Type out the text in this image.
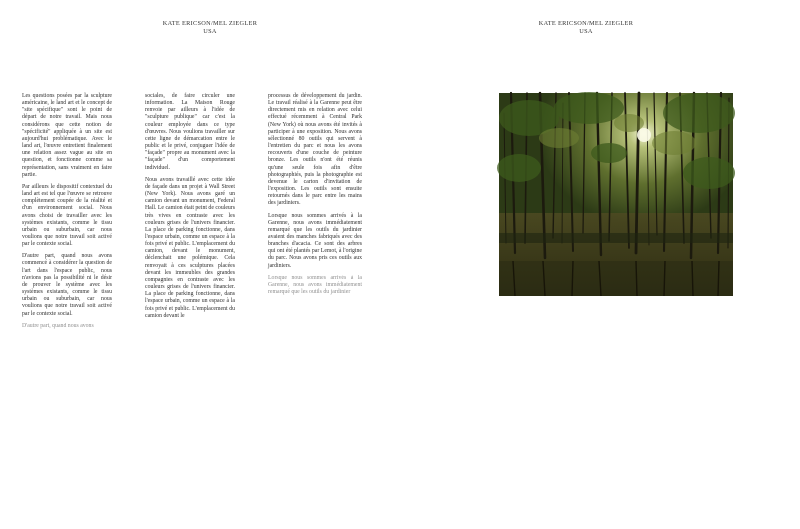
KATE ERICSON/MEL ZIEGLER
USA

Les questions posées par la sculpture américaine, le land art et le concept de "site spécifique" sont le point de départ de notre travail. Mais nous considérons que cette notion de "spécificité" appliquée à un site est aujourd'hui problématique. Avec le land art, l'œuvre entretient finalement une relation assez vague au site en question, et fonctionne comme sa représentation, sans vraiment en faire partie.

Par ailleurs le dispositif contextuel du land art est tel que l'œuvre se retrouve complètement coupée de la réalité et d'un environnement social. Nous avons choisi de travailler avec les systèmes existants, comme le tissu urbain ou suburbain, car nous voulions que notre travail soit activé par le contexte social.

D'autre part, quand nous avons commencé à considérer la question de l'art dans l'espace public, nous n'avions pas la possibilité ni le désir de prouver le système avec les systèmes existants, comme le tissu urbain ou suburbain, car nous voulions que notre travail soit activé par le contexte social.

D'autre part, quand nous avons

sociales, de faire circuler une information. La Maison Rouge renvoie par ailleurs à l'idée de "sculpture publique" car c'est la couleur employée dans ce type d'œuvres. Nous voulions travailler sur cette ligne de démarcation entre le public et le privé, conjuguer l'idée de "façade" propre au monument avec la "façade" d'un comportement individuel.

Nous avons travaillé avec cette idée de façade dans un projet à Wall Street (New York). Nous avons garé un camion devant un monument, Federal Hall. Le camion était peint de couleurs très vives en contraste avec les couleurs grises de l'univers financier. La place de parking fonctionne, dans l'espace urbain, comme un espace à la fois privé et public. L'emplacement du camion, devant le monument, déclenchait une polémique. Cela renvoyait à ces sculptures placées devant les immeubles des grandes compagnies en contraste avec les couleurs grises de l'univers financier. La place de parking fonctionne, dans l'espace urbain, comme un espace à la fois privé et public. L'emplacement du camion devant le

processus de développement du jardin. Le travail réalisé à la Garenne peut être directement mis en relation avec celui effectué récemment à Central Park (New York) où nous avons été invités à participer à une exposition. Nous avons sélectionné 80 outils qui servent à l'entretien du parc et nous les avons recouverts d'une couche de peinture bronze. Les outils n'ont été réunis qu'une seule fois afin d'être photographiés, puis la photographie est devenue le carton d'invitation de l'exposition. Les outils sont ensuite retournés dans le parc entre les mains des jardiniers.

Lorsque nous sommes arrivés à la Garenne, nous avons immédiatement remarqué que les outils du jardinier avaient des manches fabriqués avec des branches d'acacia. Ce sont des arbres qui ont été plantés par Lemot, à l'origine du parc. Nous avons pris ces outils aux jardiniers.

Lorsque nous sommes arrivés à la Garenne, nous avons immédiatement remarqué que les outils du jardinier

KATE ERICSON/MEL ZIEGLER
USA
